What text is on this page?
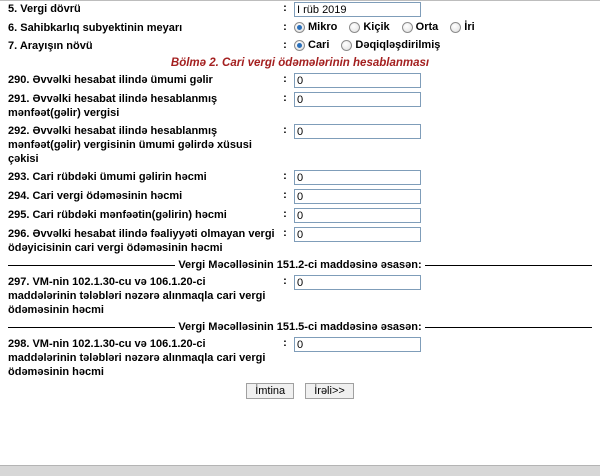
5. Vergi dövrü	:	I rüb 2019
6. Sahibkarlıq subyektinin meyarı	:	Mikro Kiçik Orta İri

7. Arayışın növü	:	Cari Dəqiqləşdirilmiş

Bölmə 2. Cari vergi ödəmələrinin hesablanması		
290. Əvvəlki hesabat ilində ümumi gəlir	:	0
291. Əvvəlki hesabat ilində hesablanmış mənfəət(gəlir) vergisi	:	0
292. Əvvəlki hesabat ilində hesablanmış mənfəət(gəlir) vergisinin ümumi gəlirdə xüsusi çəkisi	:	0
293. Cari rübdəki ümumi gəlirin həcmi	:	0
294. Cari vergi ödəməsinin həcmi	:	0
295. Cari rübdəki mənfəətin(gəlirin) həcmi	:	0
296. Əvvəlki hesabat ilində fəaliyyəti olmayan vergi ödəyicisinin cari vergi ödəməsinin həcmi	:	0

Vergi Məcəlləsinin 151.2-ci maddəsinə əsasən:		

297. VM-nin 102.1.30-cu və 106.1.20-ci maddələrinin tələbləri nəzərə alınmaqla cari vergi ödəməsinin həcmi	:	0

Vergi Məcəlləsinin 151.5-ci maddəsinə əsasən:		

298. VM-nin 102.1.30-cu və 106.1.20-ci maddələrinin tələbləri nəzərə alınmaqla cari vergi ödəməsinin həcmi	:	0
İmtina İrəli>>		
